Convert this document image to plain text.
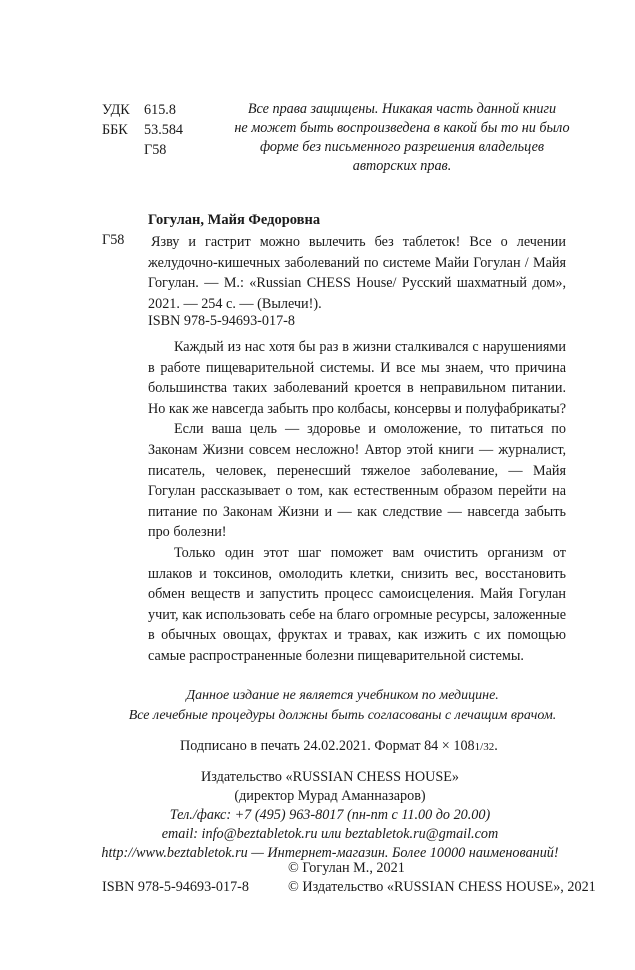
УДК 615.8
ББК 53.584
Г58
Все права защищены. Никакая часть данной книги
не может быть воспроизведена в какой бы то ни было
форме без письменного разрешения владельцев
авторских прав.
Гогулан, Майя Федоровна
Г58 Язву и гастрит можно вылечить без таблеток! Все о лечении желудочно-кишечных заболеваний по системе Майи Гогулан / Майя Гогулан. — М.: «Russian CHESS House/ Русский шахматный дом», 2021. — 254 с. — (Вылечи!).
ISBN 978-5-94693-017-8

Каждый из нас хотя бы раз в жизни сталкивался с нарушениями в работе пищеварительной системы. И все мы знаем, что причина большинства таких заболеваний кроется в неправильном питании. Но как же навсегда забыть про колбасы, консервы и полуфабрикаты?

Если ваша цель — здоровье и омоложение, то питаться по Законам Жизни совсем несложно! Автор этой книги — журналист, писатель, человек, перенесший тяжелое заболевание, — Майя Гогулан рассказывает о том, как естественным образом перейти на питание по Законам Жизни и — как следствие — навсегда забыть про болезни!

Только один этот шаг поможет вам очистить организм от шлаков и токсинов, омолодить клетки, снизить вес, восстановить обмен веществ и запустить процесс самоисцеления. Майя Гогулан учит, как использовать себе на благо огромные ресурсы, заложенные в обычных овощах, фруктах и травах, как изжить с их помощью самые распространенные болезни пищеварительной системы.

Данное издание не является учебником по медицине.
Все лечебные процедуры должны быть согласованы с лечащим врачом.
Подписано в печать 24.02.2021. Формат 84 × 1081/32.
Издательство «RUSSIAN CHESS HOUSE»
(директор Мурад Аманназаров)
Тел./факс: +7 (495) 963-8017 (пн-пт с 11.00 до 20.00)
email: info@beztabletok.ru или beztabletok.ru@gmail.com
http://www.beztabletok.ru — Интернет-магазин. Более 10000 наименований!
© Гогулан М., 2021
ISBN 978-5-94693-017-8	© Издательство «RUSSIAN CHESS HOUSE», 2021
